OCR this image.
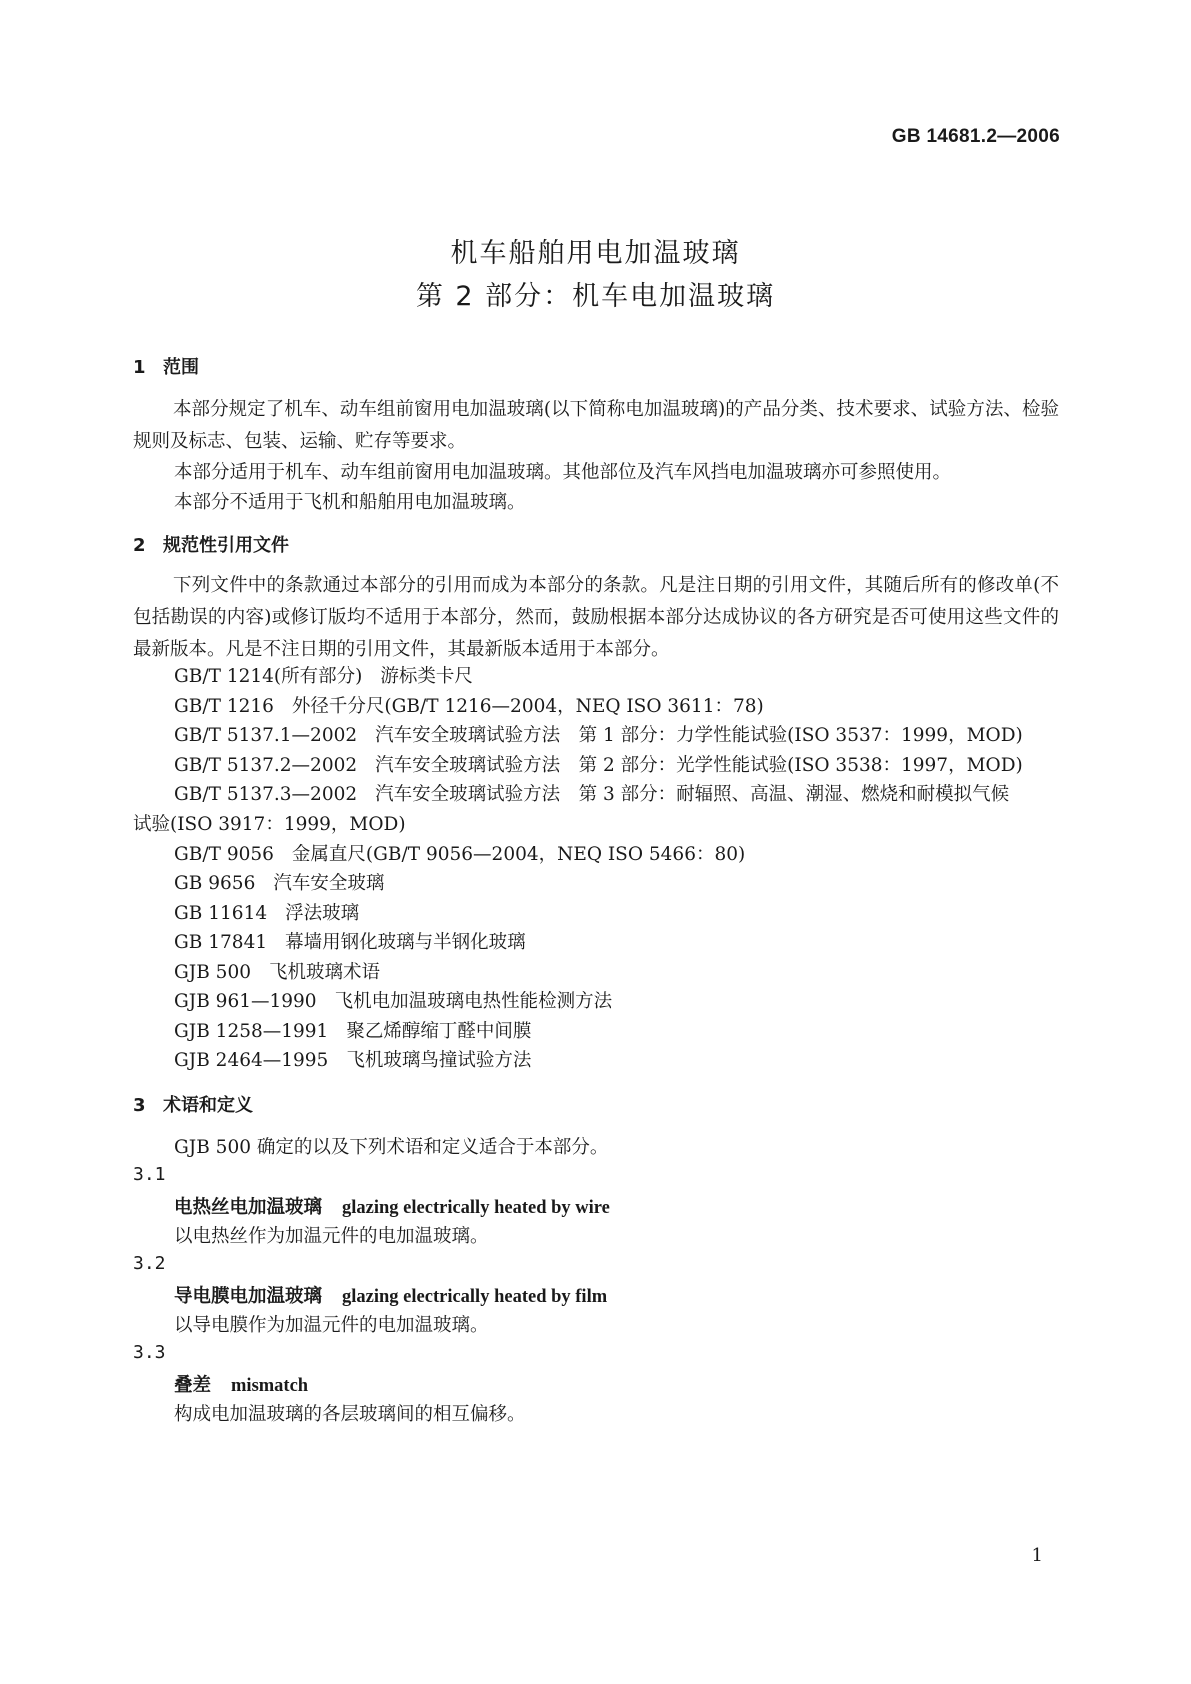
GB 14681.2—2006
机车船舶用电加温玻璃
第 2 部分：机车电加温玻璃
1 范围
本部分规定了机车、动车组前窗用电加温玻璃(以下简称电加温玻璃)的产品分类、技术要求、试验方法、检验规则及标志、包装、运输、贮存等要求。
本部分适用于机车、动车组前窗用电加温玻璃。其他部位及汽车风挡电加温玻璃亦可参照使用。
本部分不适用于飞机和船舶用电加温玻璃。
2 规范性引用文件
下列文件中的条款通过本部分的引用而成为本部分的条款。凡是注日期的引用文件，其随后所有的修改单(不包括勘误的内容)或修订版均不适用于本部分，然而，鼓励根据本部分达成协议的各方研究是否可使用这些文件的最新版本。凡是不注日期的引用文件，其最新版本适用于本部分。
GB/T 1214(所有部分) 游标类卡尺
GB/T 1216 外径千分尺(GB/T 1216—2004，NEQ ISO 3611：78)
GB/T 5137.1—2002 汽车安全玻璃试验方法　第 1 部分：力学性能试验(ISO 3537：1999，MOD)
GB/T 5137.2—2002 汽车安全玻璃试验方法　第 2 部分：光学性能试验(ISO 3538：1997，MOD)
GB/T 5137.3—2002 汽车安全玻璃试验方法　第 3 部分：耐辐照、高温、潮湿、燃烧和耐模拟气候
试验(ISO 3917：1999，MOD)
GB/T 9056 金属直尺(GB/T 9056—2004，NEQ ISO 5466：80)
GB 9656 汽车安全玻璃
GB 11614 浮法玻璃
GB 17841 幕墙用钢化玻璃与半钢化玻璃
GJB 500 飞机玻璃术语
GJB 961—1990 飞机电加温玻璃电热性能检测方法
GJB 1258—1991 聚乙烯醇缩丁醛中间膜
GJB 2464—1995 飞机玻璃鸟撞试验方法
3 术语和定义
GJB 500 确定的以及下列术语和定义适合于本部分。
3.1
电热丝电加温玻璃 glazing electrically heated by wire
以电热丝作为加温元件的电加温玻璃。
3.2
导电膜电加温玻璃 glazing electrically heated by film
以导电膜作为加温元件的电加温玻璃。
3.3
叠差 mismatch
构成电加温玻璃的各层玻璃间的相互偏移。
1
